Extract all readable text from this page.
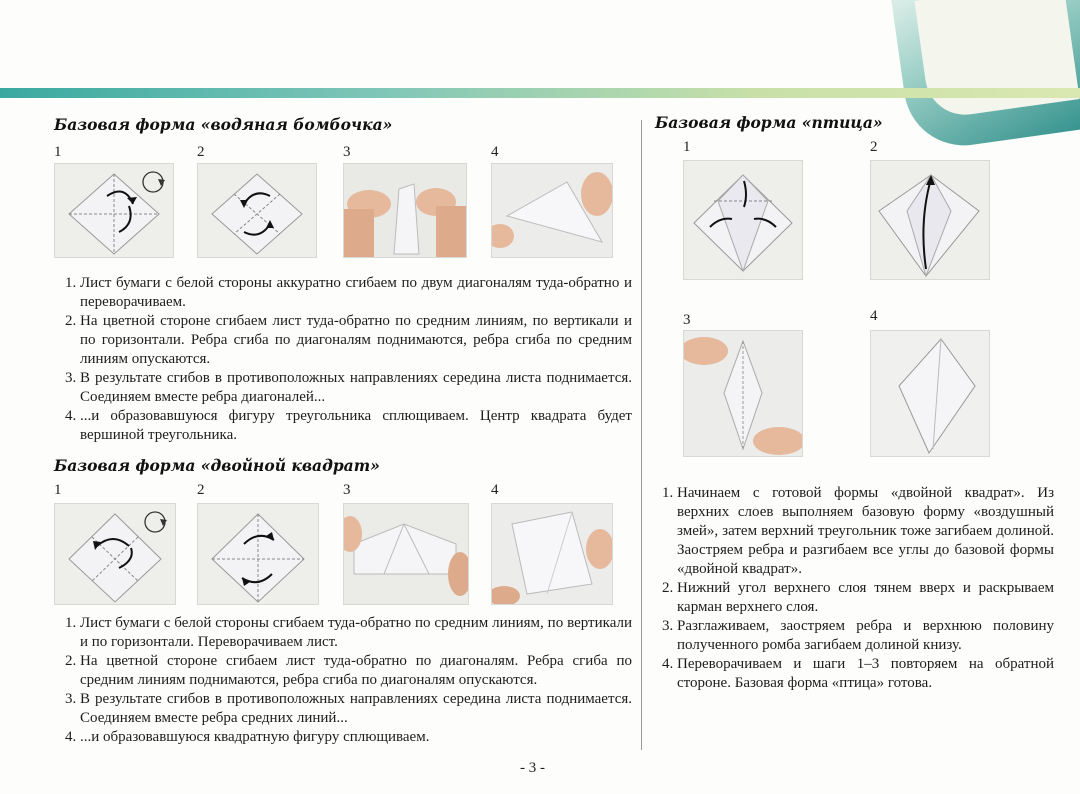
Базовая форма «водяная бомбочка»
1	2	3	4
1. Лист бумаги с белой стороны аккуратно сгибаем по двум диагоналям туда-обратно и переворачиваем.
2. На цветной стороне сгибаем лист туда-обратно по средним линиям, по вертикали и по горизонтали. Ребра сгиба по диагоналям поднимаются, ребра сгиба по средним линиям опускаются.
3. В результате сгибов в противоположных направлениях середина листа поднимается. Соединяем вместе ребра диагоналей...
4. ...и образовавшуюся фигуру треугольника сплющиваем. Центр квадрата будет вершиной треугольника.
Базовая форма «двойной квадрат»
1	2	3	4
1. Лист бумаги с белой стороны сгибаем туда-обратно по средним линиям, по вертикали и по горизонтали. Переворачиваем лист.
2. На цветной стороне сгибаем лист туда-обратно по диагоналям. Ребра сгиба по средним линиям поднимаются, ребра сгиба по диагоналям опускаются.
3. В результате сгибов в противоположных направлениях середина листа поднимается. Соединяем вместе ребра средних линий...
4. ...и образовавшуюся квадратную фигуру сплющиваем.
Базовая форма «птица»
1	2
3	4
1. Начинаем с готовой формы «двойной квадрат». Из верхних слоев выполняем базовую форму «воздушный змей», затем верхний треугольник тоже загибаем долиной. Заостряем ребра и разгибаем все углы до базовой формы «двойной квадрат».
2. Нижний угол верхнего слоя тянем вверх и раскрываем карман верхнего слоя.
3. Разглаживаем, заостряем ребра и верхнюю половину полученного ромба загибаем долиной книзу.
4. Переворачиваем и шаги 1–3 повторяем на обратной стороне. Базовая форма «птица» готова.
- 3 -
